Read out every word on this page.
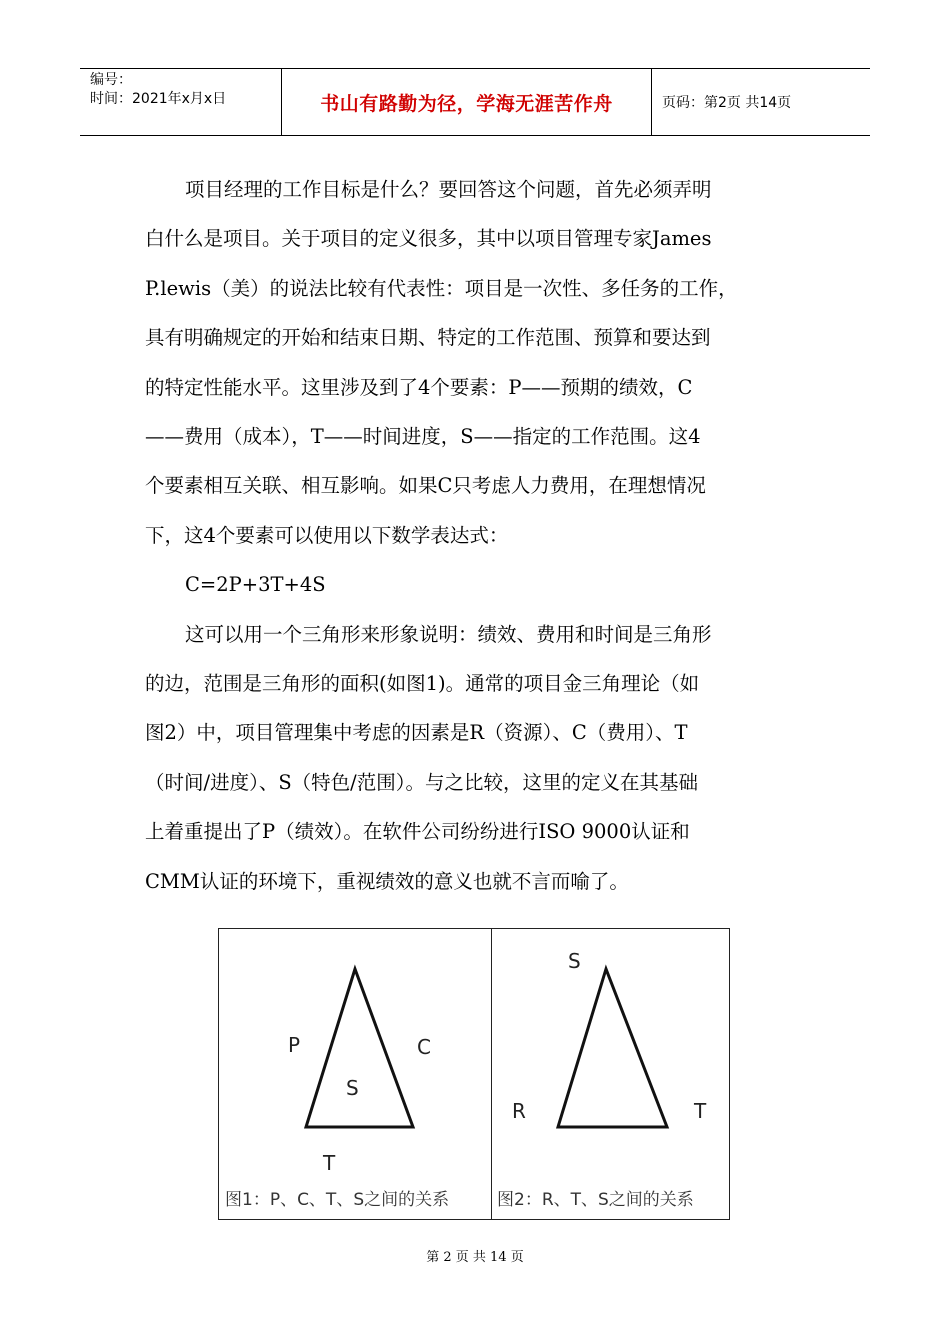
编号：
时间：2021年x月x日	书山有路勤为径，学海无涯苦作舟	页码：第2页 共14页

项目经理的工作目标是什么？要回答这个问题，首先必须弄明

白什么是项目。关于项目的定义很多，其中以项目管理专家James

P.lewis（美）的说法比较有代表性：项目是一次性、多任务的工作，

具有明确规定的开始和结束日期、特定的工作范围、预算和要达到

的特定性能水平。这里涉及到了4个要素：P——预期的绩效，C

——费用（成本），T——时间进度，S——指定的工作范围。这4

个要素相互关联、相互影响。如果C只考虑人力费用，在理想情况

下，这4个要素可以使用以下数学表达式：

C=2P+3T+4S

这可以用一个三角形来形象说明：绩效、费用和时间是三角形

的边，范围是三角形的面积(如图1)。通常的项目金三角理论（如

图2）中，项目管理集中考虑的因素是R（资源）、C（费用）、T

（时间/进度）、S（特色/范围）。与之比较，这里的定义在其基础

上着重提出了P（绩效）。在软件公司纷纷进行ISO 9000认证和

CMM认证的环境下，重视绩效的意义也就不言而喻了。

P	C
S
T
图1：P、C、T、S之间的关系
S
R	T
图2：R、T、S之间的关系
第 2 页 共 14 页
